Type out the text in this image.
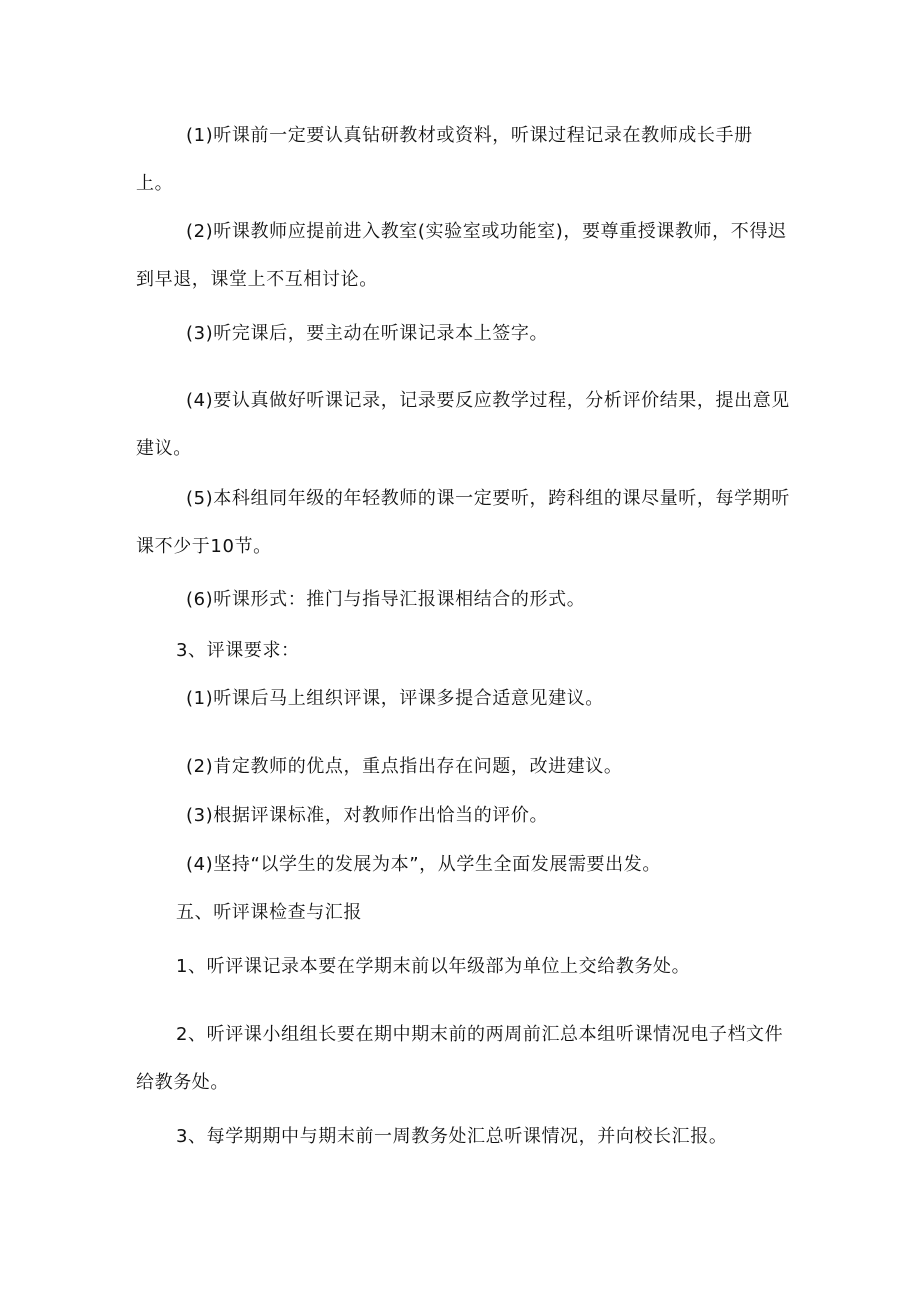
(1)听课前一定要认真钻研教材或资料，听课过程记录在教师成长手册
上。
(2)听课教师应提前进入教室(实验室或功能室)，要尊重授课教师，不得迟
到早退，课堂上不互相讨论。
(3)听完课后，要主动在听课记录本上签字。
(4)要认真做好听课记录，记录要反应教学过程，分析评价结果，提出意见
建议。
(5)本科组同年级的年轻教师的课一定要听，跨科组的课尽量听，每学期听
课不少于10节。
(6)听课形式：推门与指导汇报课相结合的形式。
3、评课要求：
(1)听课后马上组织评课，评课多提合适意见建议。
(2)肯定教师的优点，重点指出存在问题，改进建议。
(3)根据评课标准，对教师作出恰当的评价。
(4)坚持“以学生的发展为本”，从学生全面发展需要出发。
五、听评课检查与汇报
1、听评课记录本要在学期末前以年级部为单位上交给教务处。
2、听评课小组组长要在期中期末前的两周前汇总本组听课情况电子档文件
给教务处。
3、每学期期中与期末前一周教务处汇总听课情况，并向校长汇报。
